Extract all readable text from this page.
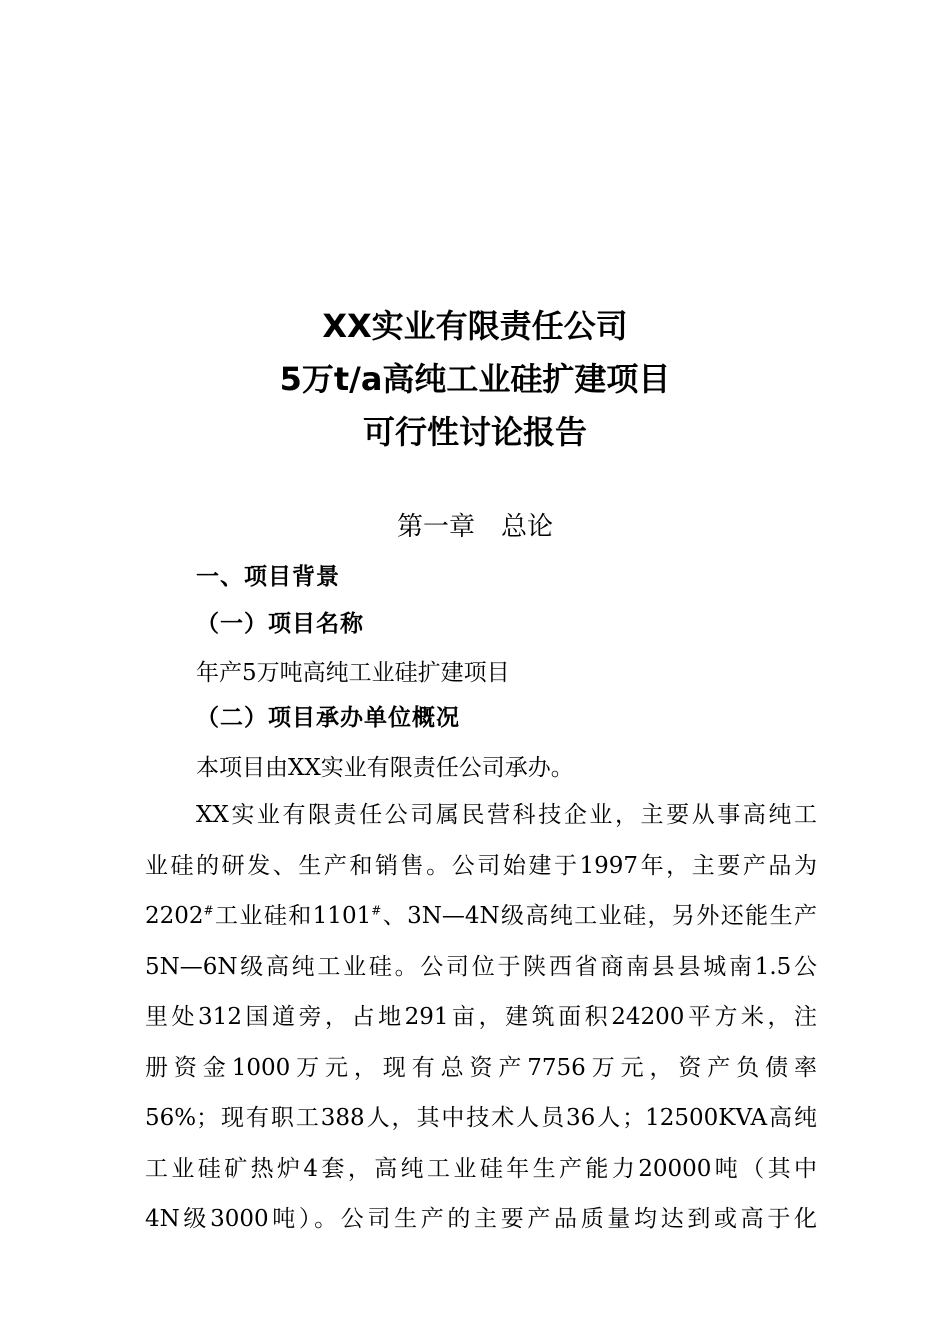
XX实业有限责任公司
5万t/a高纯工业硅扩建项目
可行性讨论报告
第一章　总论
一、项目背景
（一）项目名称
年产5万吨高纯工业硅扩建项目
（二）项目承办单位概况
本项目由XX实业有限责任公司承办。
XX实业有限责任公司属民营科技企业，主要从事高纯工
业硅的研发、生产和销售。公司始建于1997年，主要产品为
2202#工业硅和1101#、3N—4N级高纯工业硅，另外还能生产
5N—6N级高纯工业硅。公司位于陕西省商南县县城南1.5公
里处312国道旁，占地291亩，建筑面积24200平方米，注
册资金1000万元，现有总资产7756万元，资产负债率
56%；现有职工388人，其中技术人员36人；12500KVA高纯
工业硅矿热炉4套，高纯工业硅年生产能力20000吨（其中
4N级3000吨）。公司生产的主要产品质量均达到或高于化
